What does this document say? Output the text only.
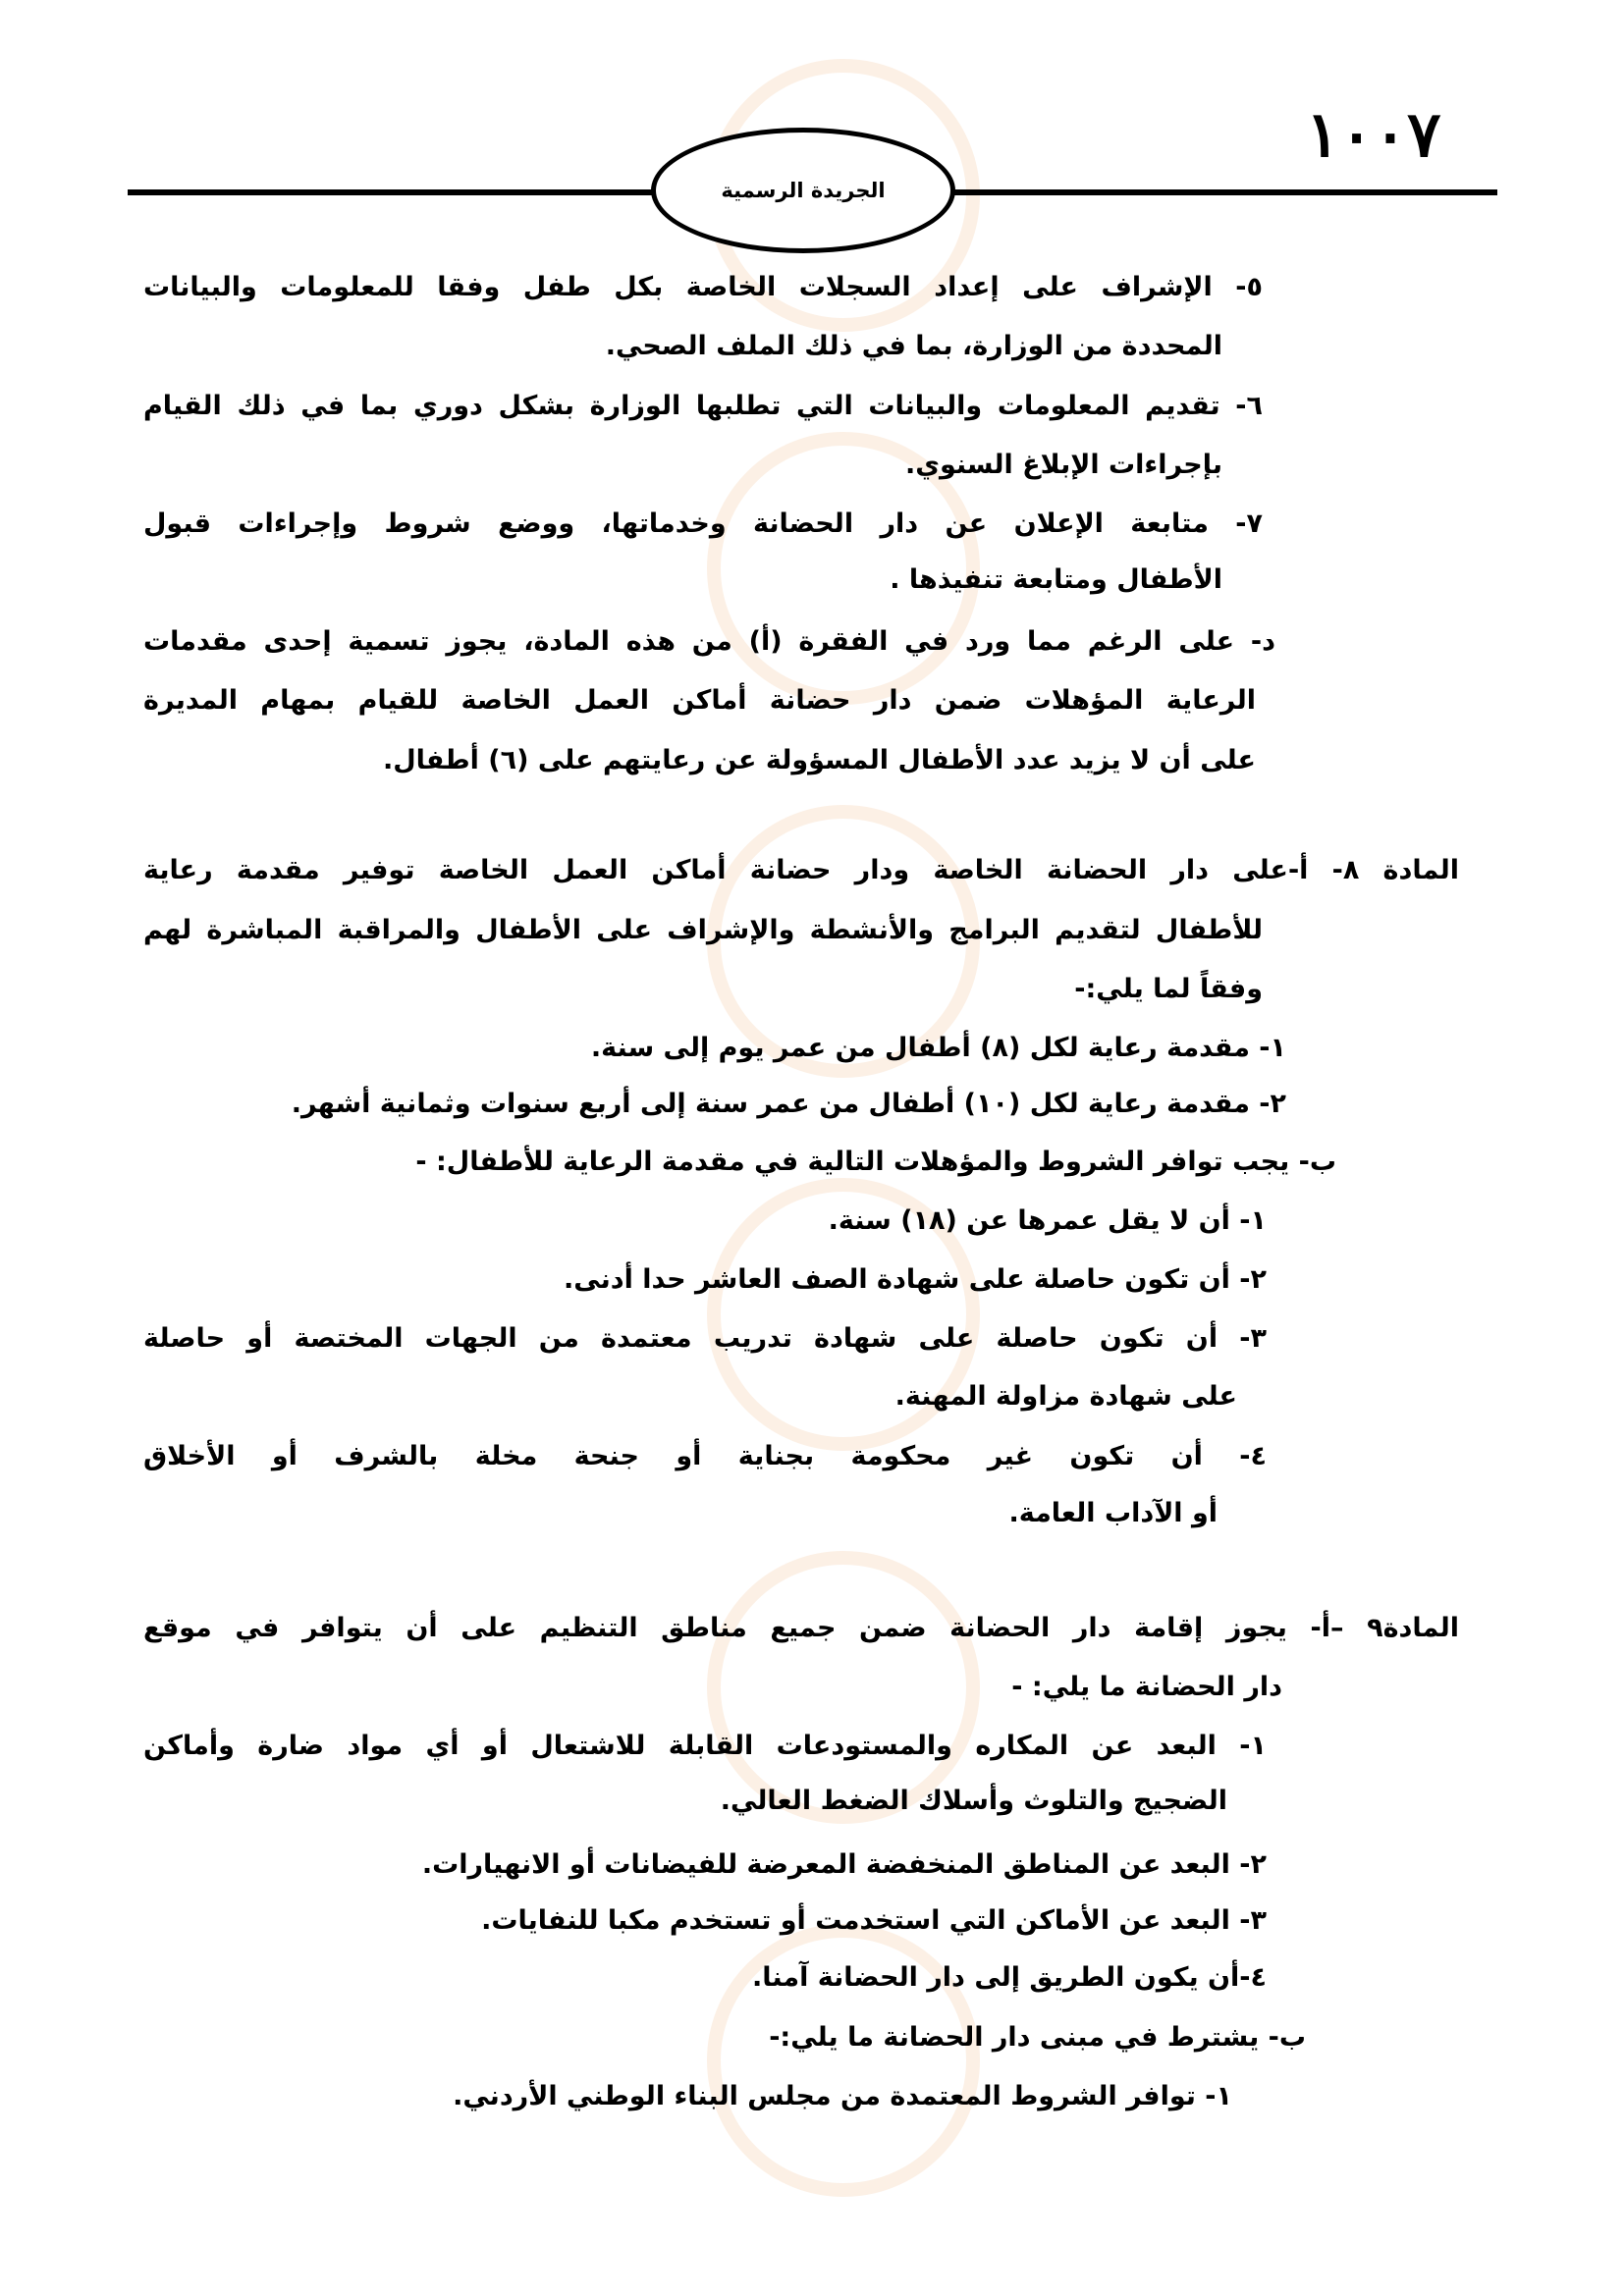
١٠٠٧
الجريدة الرسمية
٥- الإشراف على إعداد السجلات الخاصة بكل طفل وفقا للمعلومات والبيانات
المحددة من الوزارة، بما في ذلك الملف الصحي.
٦- تقديم المعلومات والبيانات التي تطلبها الوزارة بشكل دوري بما في ذلك القيام
بإجراءات الإبلاغ السنوي.
٧- متابعة الإعلان عن دار الحضانة وخدماتها، ووضع شروط وإجراءات قبول
الأطفال ومتابعة تنفيذها .
د- على الرغم مما ورد في الفقرة (أ) من هذه المادة، يجوز تسمية إحدى مقدمات
الرعاية المؤهلات ضمن دار حضانة أماكن العمل الخاصة للقيام بمهام المديرة
على أن لا يزيد عدد الأطفال المسؤولة عن رعايتهم على (٦) أطفال.
المادة ٨- أ-على دار الحضانة الخاصة ودار حضانة أماكن العمل الخاصة توفير مقدمة رعاية
للأطفال لتقديم البرامج والأنشطة والإشراف على الأطفال والمراقبة المباشرة لهم
وفقاً لما يلي:-
١- مقدمة رعاية لكل (٨) أطفال من عمر يوم إلى سنة.
٢- مقدمة رعاية لكل (١٠) أطفال من عمر سنة إلى أربع سنوات وثمانية أشهر.
ب- يجب توافر الشروط والمؤهلات التالية في مقدمة الرعاية للأطفال: -
١- أن لا يقل عمرها عن (١٨) سنة.
٢- أن تكون حاصلة على شهادة الصف العاشر حدا أدنى.
٣- أن تكون حاصلة على شهادة تدريب معتمدة من الجهات المختصة أو حاصلة
على شهادة مزاولة المهنة.
٤- أن تكون غير محكومة بجناية أو جنحة مخلة بالشرف أو الأخلاق
أو الآداب العامة.
المادة٩ –أ- يجوز إقامة دار الحضانة ضمن جميع مناطق التنظيم على أن يتوافر في موقع
دار الحضانة ما يلي: -
١- البعد عن المكاره والمستودعات القابلة للاشتعال أو أي مواد ضارة وأماكن
الضجيج والتلوث وأسلاك الضغط العالي.
٢- البعد عن المناطق المنخفضة المعرضة للفيضانات أو الانهيارات.
٣- البعد عن الأماكن التي استخدمت أو تستخدم مكبا للنفايات.
٤-أن يكون الطريق إلى دار الحضانة آمنا.
ب- يشترط في مبنى دار الحضانة ما يلي:-
١- توافر الشروط المعتمدة من مجلس البناء الوطني الأردني.
